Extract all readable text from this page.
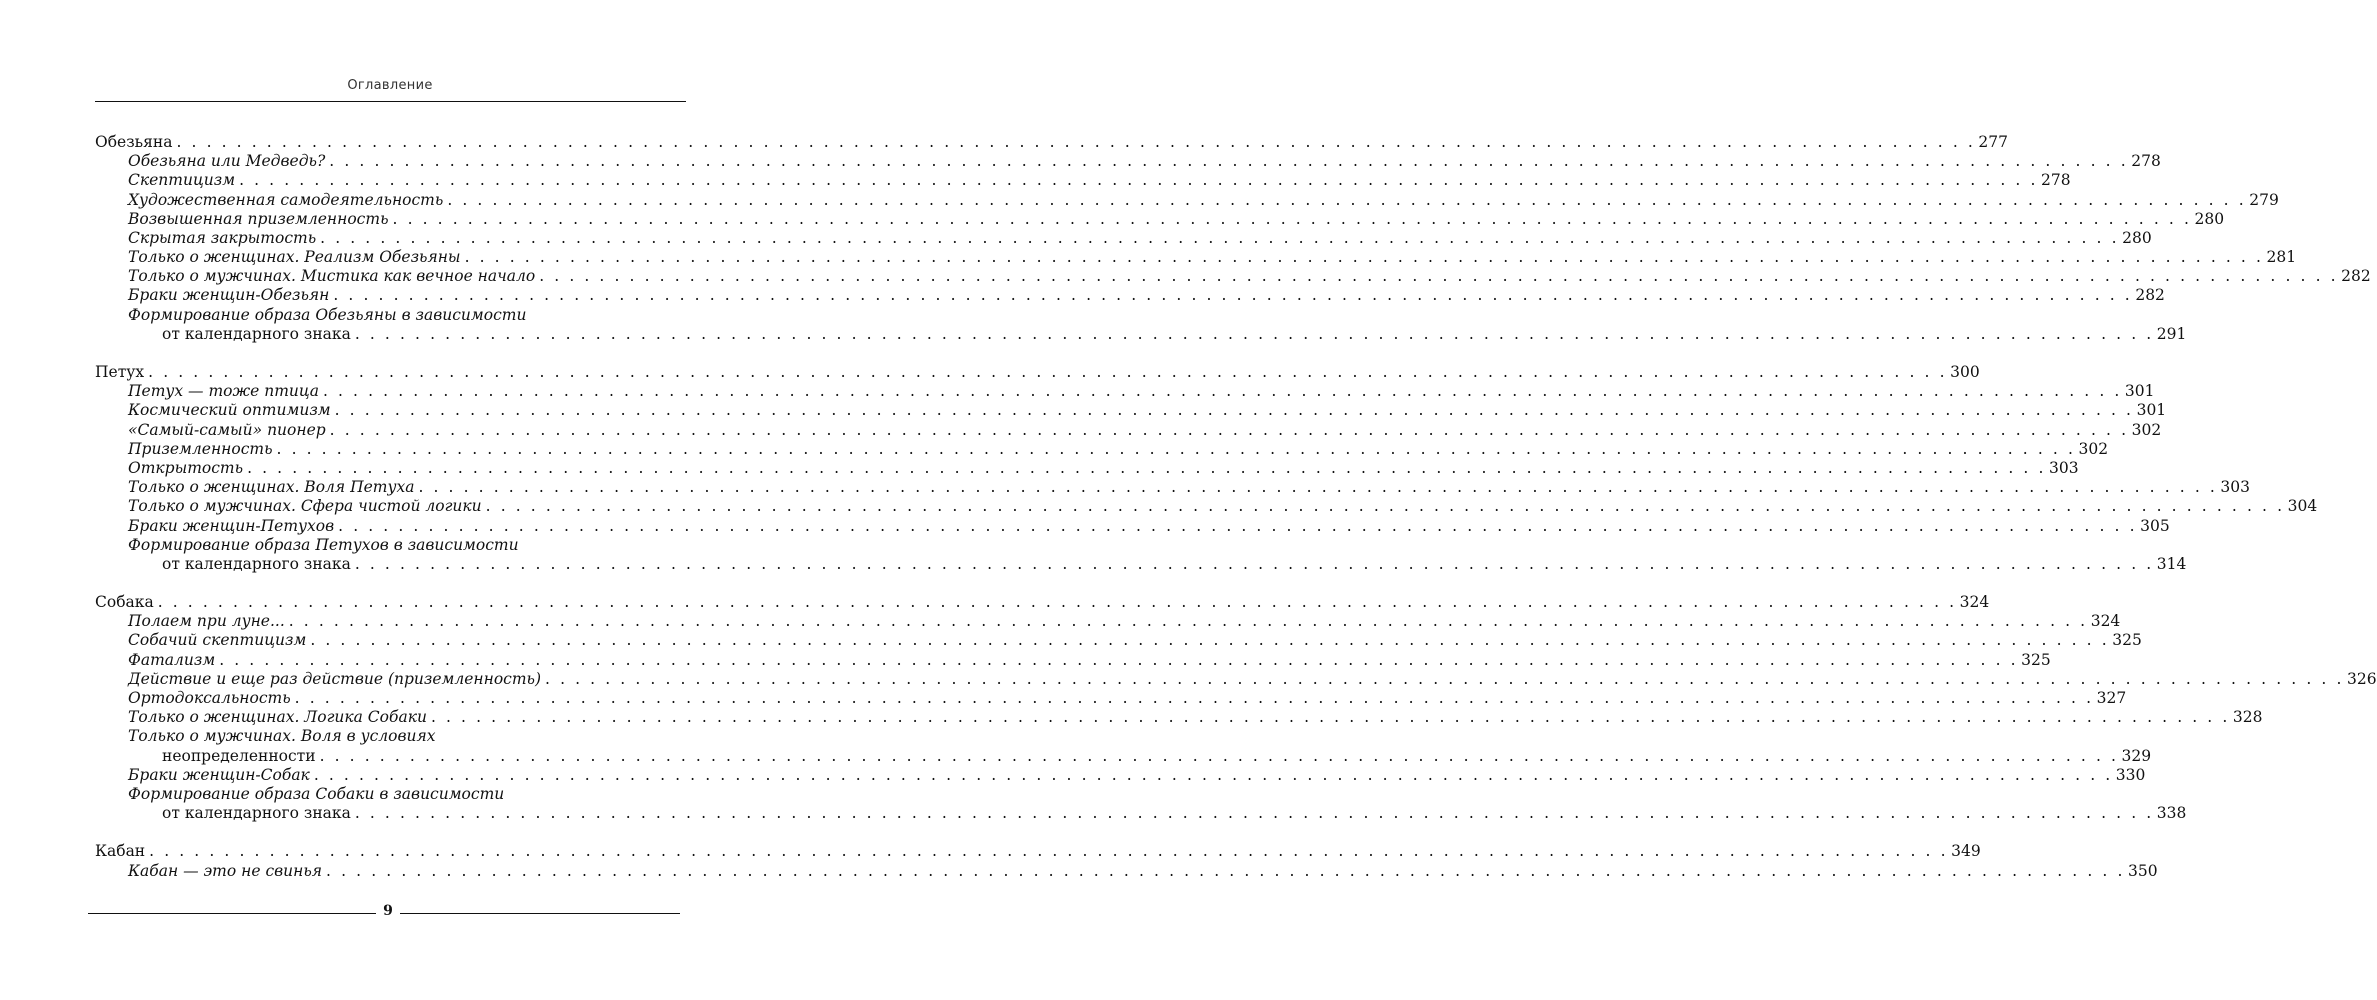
Оглавление
Обезьяна . . . . . . . . . . . . . . . . . . . . . . . . . . . . . . . . . . . . . . . . . . . . . . . . . . . . . . . . . . . . . . . . . . . . . . . . . . . . . . . . . . . . . . . . . . . . . . . . . . . . . . . . . . . . . . . . . . . . . . . . 277
Обезьяна или Медведь? . . . . . . . . . . . . . . . . . . . . . . . . . . . . . . . . . . . . . . . . . . . . . . . . . . . . . . . . . . . . . . . . . . . . . . . . . . . . . . . . . . . . . . . . . . . . . . . . . . . . . . . . . . . . . . . . . . . . . . . . 278
Скептицизм . . . . . . . . . . . . . . . . . . . . . . . . . . . . . . . . . . . . . . . . . . . . . . . . . . . . . . . . . . . . . . . . . . . . . . . . . . . . . . . . . . . . . . . . . . . . . . . . . . . . . . . . . . . . . . . . . . . . . . . . 278
Художественная самодеятельность . . . . . . . . . . . . . . . . . . . . . . . . . . . . . . . . . . . . . . . . . . . . . . . . . . . . . . . . . . . . . . . . . . . . . . . . . . . . . . . . . . . . . . . . . . . . . . . . . . . . . . . . . . . . . . . . . . . . . . . . 279
Возвышенная приземленность . . . . . . . . . . . . . . . . . . . . . . . . . . . . . . . . . . . . . . . . . . . . . . . . . . . . . . . . . . . . . . . . . . . . . . . . . . . . . . . . . . . . . . . . . . . . . . . . . . . . . . . . . . . . . . . . . . . . . . . . 280
Скрытая закрытость . . . . . . . . . . . . . . . . . . . . . . . . . . . . . . . . . . . . . . . . . . . . . . . . . . . . . . . . . . . . . . . . . . . . . . . . . . . . . . . . . . . . . . . . . . . . . . . . . . . . . . . . . . . . . . . . . . . . . . . . 280
Только о женщинах. Реализм Обезьяны . . . . . . . . . . . . . . . . . . . . . . . . . . . . . . . . . . . . . . . . . . . . . . . . . . . . . . . . . . . . . . . . . . . . . . . . . . . . . . . . . . . . . . . . . . . . . . . . . . . . . . . . . . . . . . . . . . . . . . . . 281
Только о мужчинах. Мистика как вечное начало . . . . . . . . . . . . . . . . . . . . . . . . . . . . . . . . . . . . . . . . . . . . . . . . . . . . . . . . . . . . . . . . . . . . . . . . . . . . . . . . . . . . . . . . . . . . . . . . . . . . . . . . . . . . . . . . . . . . . . . . 282
Браки женщин-Обезьян . . . . . . . . . . . . . . . . . . . . . . . . . . . . . . . . . . . . . . . . . . . . . . . . . . . . . . . . . . . . . . . . . . . . . . . . . . . . . . . . . . . . . . . . . . . . . . . . . . . . . . . . . . . . . . . . . . . . . . . . 282
Формирование образа Обезьяны в зависимости
от календарного знака . . . . . . . . . . . . . . . . . . . . . . . . . . . . . . . . . . . . . . . . . . . . . . . . . . . . . . . . . . . . . . . . . . . . . . . . . . . . . . . . . . . . . . . . . . . . . . . . . . . . . . . . . . . . . . . . . . . . . . . . 291
Петух . . . . . . . . . . . . . . . . . . . . . . . . . . . . . . . . . . . . . . . . . . . . . . . . . . . . . . . . . . . . . . . . . . . . . . . . . . . . . . . . . . . . . . . . . . . . . . . . . . . . . . . . . . . . . . . . . . . . . . . . 300
Петух — тоже птица . . . . . . . . . . . . . . . . . . . . . . . . . . . . . . . . . . . . . . . . . . . . . . . . . . . . . . . . . . . . . . . . . . . . . . . . . . . . . . . . . . . . . . . . . . . . . . . . . . . . . . . . . . . . . . . . . . . . . . . . 301
Космический оптимизм . . . . . . . . . . . . . . . . . . . . . . . . . . . . . . . . . . . . . . . . . . . . . . . . . . . . . . . . . . . . . . . . . . . . . . . . . . . . . . . . . . . . . . . . . . . . . . . . . . . . . . . . . . . . . . . . . . . . . . . . 301
«Самый-самый» пионер . . . . . . . . . . . . . . . . . . . . . . . . . . . . . . . . . . . . . . . . . . . . . . . . . . . . . . . . . . . . . . . . . . . . . . . . . . . . . . . . . . . . . . . . . . . . . . . . . . . . . . . . . . . . . . . . . . . . . . . . 302
Приземленность . . . . . . . . . . . . . . . . . . . . . . . . . . . . . . . . . . . . . . . . . . . . . . . . . . . . . . . . . . . . . . . . . . . . . . . . . . . . . . . . . . . . . . . . . . . . . . . . . . . . . . . . . . . . . . . . . . . . . . . . 302
Открытость . . . . . . . . . . . . . . . . . . . . . . . . . . . . . . . . . . . . . . . . . . . . . . . . . . . . . . . . . . . . . . . . . . . . . . . . . . . . . . . . . . . . . . . . . . . . . . . . . . . . . . . . . . . . . . . . . . . . . . . . 303
Только о женщинах. Воля Петуха . . . . . . . . . . . . . . . . . . . . . . . . . . . . . . . . . . . . . . . . . . . . . . . . . . . . . . . . . . . . . . . . . . . . . . . . . . . . . . . . . . . . . . . . . . . . . . . . . . . . . . . . . . . . . . . . . . . . . . . . 303
Только о мужчинах. Сфера чистой логики . . . . . . . . . . . . . . . . . . . . . . . . . . . . . . . . . . . . . . . . . . . . . . . . . . . . . . . . . . . . . . . . . . . . . . . . . . . . . . . . . . . . . . . . . . . . . . . . . . . . . . . . . . . . . . . . . . . . . . . . 304
Браки женщин-Петухов . . . . . . . . . . . . . . . . . . . . . . . . . . . . . . . . . . . . . . . . . . . . . . . . . . . . . . . . . . . . . . . . . . . . . . . . . . . . . . . . . . . . . . . . . . . . . . . . . . . . . . . . . . . . . . . . . . . . . . . . 305
Формирование образа Петухов в зависимости
от календарного знака . . . . . . . . . . . . . . . . . . . . . . . . . . . . . . . . . . . . . . . . . . . . . . . . . . . . . . . . . . . . . . . . . . . . . . . . . . . . . . . . . . . . . . . . . . . . . . . . . . . . . . . . . . . . . . . . . . . . . . . . 314
Собака . . . . . . . . . . . . . . . . . . . . . . . . . . . . . . . . . . . . . . . . . . . . . . . . . . . . . . . . . . . . . . . . . . . . . . . . . . . . . . . . . . . . . . . . . . . . . . . . . . . . . . . . . . . . . . . . . . . . . . . . 324
Полаем при луне... . . . . . . . . . . . . . . . . . . . . . . . . . . . . . . . . . . . . . . . . . . . . . . . . . . . . . . . . . . . . . . . . . . . . . . . . . . . . . . . . . . . . . . . . . . . . . . . . . . . . . . . . . . . . . . . . . . . . . . . . 324
Собачий скептицизм . . . . . . . . . . . . . . . . . . . . . . . . . . . . . . . . . . . . . . . . . . . . . . . . . . . . . . . . . . . . . . . . . . . . . . . . . . . . . . . . . . . . . . . . . . . . . . . . . . . . . . . . . . . . . . . . . . . . . . . . 325
Фатализм . . . . . . . . . . . . . . . . . . . . . . . . . . . . . . . . . . . . . . . . . . . . . . . . . . . . . . . . . . . . . . . . . . . . . . . . . . . . . . . . . . . . . . . . . . . . . . . . . . . . . . . . . . . . . . . . . . . . . . . . 325
Действие и еще раз действие (приземленность) . . . . . . . . . . . . . . . . . . . . . . . . . . . . . . . . . . . . . . . . . . . . . . . . . . . . . . . . . . . . . . . . . . . . . . . . . . . . . . . . . . . . . . . . . . . . . . . . . . . . . . . . . . . . . . . . . . . . . . . . 326
Ортодоксальность . . . . . . . . . . . . . . . . . . . . . . . . . . . . . . . . . . . . . . . . . . . . . . . . . . . . . . . . . . . . . . . . . . . . . . . . . . . . . . . . . . . . . . . . . . . . . . . . . . . . . . . . . . . . . . . . . . . . . . . . 327
Только о женщинах. Логика Собаки . . . . . . . . . . . . . . . . . . . . . . . . . . . . . . . . . . . . . . . . . . . . . . . . . . . . . . . . . . . . . . . . . . . . . . . . . . . . . . . . . . . . . . . . . . . . . . . . . . . . . . . . . . . . . . . . . . . . . . . . 328
Только о мужчинах. Воля в условиях
неопределенности . . . . . . . . . . . . . . . . . . . . . . . . . . . . . . . . . . . . . . . . . . . . . . . . . . . . . . . . . . . . . . . . . . . . . . . . . . . . . . . . . . . . . . . . . . . . . . . . . . . . . . . . . . . . . . . . . . . . . . . . 329
Браки женщин-Собак . . . . . . . . . . . . . . . . . . . . . . . . . . . . . . . . . . . . . . . . . . . . . . . . . . . . . . . . . . . . . . . . . . . . . . . . . . . . . . . . . . . . . . . . . . . . . . . . . . . . . . . . . . . . . . . . . . . . . . . . 330
Формирование образа Собаки в зависимости
от календарного знака . . . . . . . . . . . . . . . . . . . . . . . . . . . . . . . . . . . . . . . . . . . . . . . . . . . . . . . . . . . . . . . . . . . . . . . . . . . . . . . . . . . . . . . . . . . . . . . . . . . . . . . . . . . . . . . . . . . . . . . . 338
Кабан . . . . . . . . . . . . . . . . . . . . . . . . . . . . . . . . . . . . . . . . . . . . . . . . . . . . . . . . . . . . . . . . . . . . . . . . . . . . . . . . . . . . . . . . . . . . . . . . . . . . . . . . . . . . . . . . . . . . . . . . 349
Кабан — это не свинья . . . . . . . . . . . . . . . . . . . . . . . . . . . . . . . . . . . . . . . . . . . . . . . . . . . . . . . . . . . . . . . . . . . . . . . . . . . . . . . . . . . . . . . . . . . . . . . . . . . . . . . . . . . . . . . . . . . . . . . . 350
9
